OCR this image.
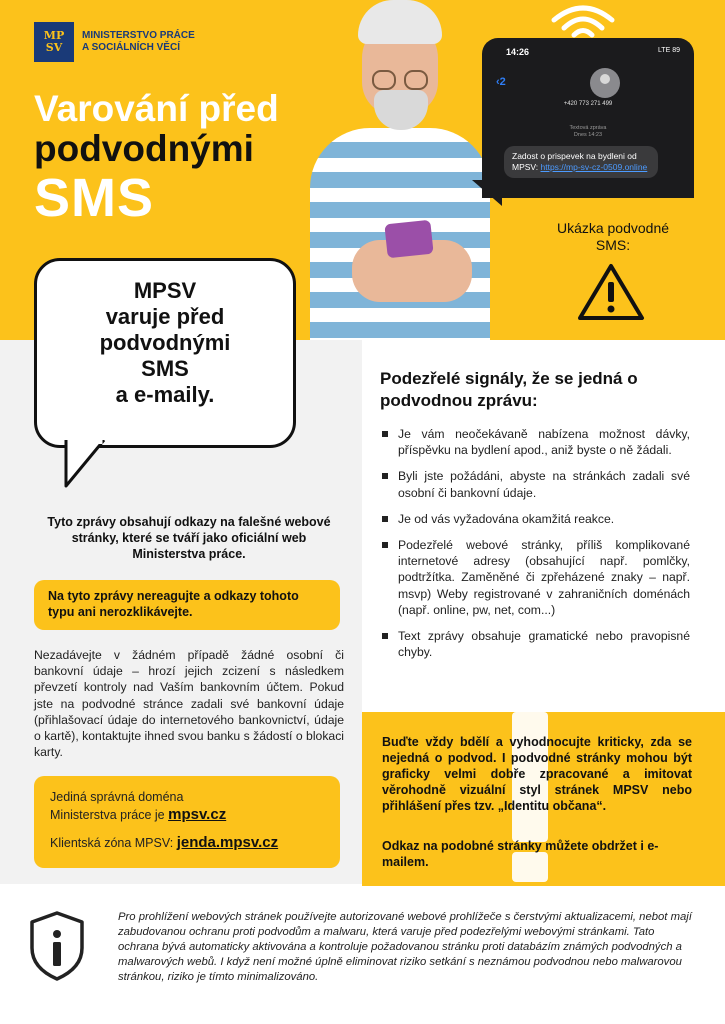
MP
SV
MINISTERSTVO PRÁCE
A SOCIÁLNÍCH VĚCÍ
Varování před
podvodnými
SMS
14:26	LTE 89
‹2
+420 773 271 499
Textová zpráva
Dnes 14:23
Zadost o prispevek na bydleni od MPSV: https://mp-sv-cz-0509.online
Ukázka podvodné SMS:
MPSV
varuje před
podvodnými
SMS
a e-maily.
Tyto zprávy obsahují odkazy na falešné webové stránky, které se tváří jako oficiální web Ministerstva práce.
Na tyto zprávy nereagujte a odkazy tohoto typu ani nerozklikávejte.
Nezadávejte v žádném případě žádné osobní či bankovní údaje – hrozí jejich zcizení s následkem převzetí kontroly nad Vaším bankovním účtem. Pokud jste na podvodné stránce zadali své bankovní údaje (přihlašovací údaje do internetového bankovnictví, údaje o kartě), kontaktujte ihned svou banku s žádostí o blokaci karty.
Jediná správná doména
Ministerstva práce je mpsv.cz
Klientská zóna MPSV: jenda.mpsv.cz
Podezřelé signály, že se jedná o podvodnou zprávu:
Je vám neočekávaně nabízena možnost dávky, příspěvku na bydlení apod., aniž byste o ně žádali.
Byli jste požádáni, abyste na stránkách zadali své osobní či bankovní údaje.
Je od vás vyžadována okamžitá reakce.
Podezřelé webové stránky, příliš komplikované internetové adresy (obsahující např. pomlčky, podtržítka. Zaměněné či zpřeházené znaky – např. msvp) Weby registrované v zahraničních doménách (např. online, pw, net, com...)
Text zprávy obsahuje gramatické nebo pravopisné chyby.
Buďte vždy bdělí a vyhodnocujte kriticky, zda se nejedná o podvod. I podvodné stránky mohou být graficky velmi dobře zpracované a imitovat věrohodně vizuální styl stránek MPSV nebo přihlášení přes tzv. „Identitu občana“.
Odkaz na podobné stránky můžete obdržet i e-mailem.
Pro prohlížení webových stránek používejte autorizované webové prohlížeče s čerstvými aktualizacemi, nebot mají zabudovanou ochranu proti podvodům a malwaru, která varuje před podezřelými webovými stránkami. Tato ochrana bývá automaticky aktivována a kontroluje požadovanou stránku proti databázím známých podvodných a malwarových webů. I když není možné úplně eliminovat riziko setkání s neznámou podvodnou nebo malwarovou stránkou, riziko je tímto minimalizováno.
